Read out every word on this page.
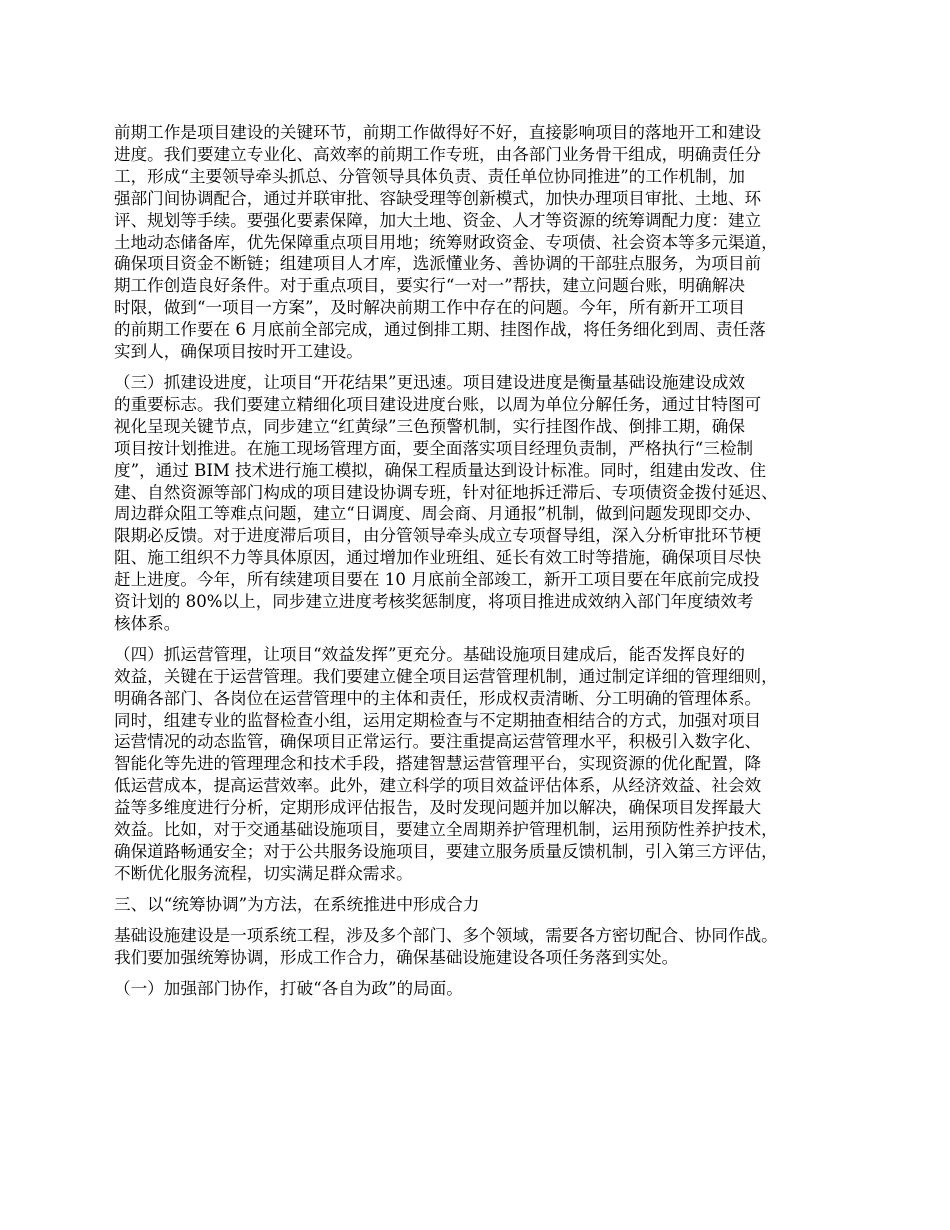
前期工作是项目建设的关键环节，前期工作做得好不好，直接影响项目的落地开工和建设
进度。我们要建立专业化、高效率的前期工作专班，由各部门业务骨干组成，明确责任分
工，形成“主要领导牵头抓总、分管领导具体负责、责任单位协同推进”的工作机制，加
强部门间协调配合，通过并联审批、容缺受理等创新模式，加快办理项目审批、土地、环
评、规划等手续。要强化要素保障，加大土地、资金、人才等资源的统筹调配力度：建立
土地动态储备库，优先保障重点项目用地；统筹财政资金、专项债、社会资本等多元渠道，
确保项目资金不断链；组建项目人才库，选派懂业务、善协调的干部驻点服务，为项目前
期工作创造良好条件。对于重点项目，要实行“一对一”帮扶，建立问题台账，明确解决
时限，做到“一项目一方案”，及时解决前期工作中存在的问题。今年，所有新开工项目
的前期工作要在 6 月底前全部完成，通过倒排工期、挂图作战，将任务细化到周、责任落
实到人，确保项目按时开工建设。
（三）抓建设进度，让项目“开花结果”更迅速。项目建设进度是衡量基础设施建设成效
的重要标志。我们要建立精细化项目建设进度台账，以周为单位分解任务，通过甘特图可
视化呈现关键节点，同步建立“红黄绿”三色预警机制，实行挂图作战、倒排工期，确保
项目按计划推进。在施工现场管理方面，要全面落实项目经理负责制，严格执行“三检制
度”，通过 BIM 技术进行施工模拟，确保工程质量达到设计标准。同时，组建由发改、住
建、自然资源等部门构成的项目建设协调专班，针对征地拆迁滞后、专项债资金拨付延迟、
周边群众阻工等难点问题，建立“日调度、周会商、月通报”机制，做到问题发现即交办、
限期必反馈。对于进度滞后项目，由分管领导牵头成立专项督导组，深入分析审批环节梗
阻、施工组织不力等具体原因，通过增加作业班组、延长有效工时等措施，确保项目尽快
赶上进度。今年，所有续建项目要在 10 月底前全部竣工，新开工项目要在年底前完成投
资计划的 80%以上，同步建立进度考核奖惩制度，将项目推进成效纳入部门年度绩效考
核体系。
（四）抓运营管理，让项目“效益发挥”更充分。基础设施项目建成后，能否发挥良好的
效益，关键在于运营管理。我们要建立健全项目运营管理机制，通过制定详细的管理细则，
明确各部门、各岗位在运营管理中的主体和责任，形成权责清晰、分工明确的管理体系。
同时，组建专业的监督检查小组，运用定期检查与不定期抽查相结合的方式，加强对项目
运营情况的动态监管，确保项目正常运行。要注重提高运营管理水平，积极引入数字化、
智能化等先进的管理理念和技术手段，搭建智慧运营管理平台，实现资源的优化配置，降
低运营成本，提高运营效率。此外，建立科学的项目效益评估体系，从经济效益、社会效
益等多维度进行分析，定期形成评估报告，及时发现问题并加以解决，确保项目发挥最大
效益。比如，对于交通基础设施项目，要建立全周期养护管理机制，运用预防性养护技术，
确保道路畅通安全；对于公共服务设施项目，要建立服务质量反馈机制，引入第三方评估，
不断优化服务流程，切实满足群众需求。
三、以“统筹协调”为方法，在系统推进中形成合力
基础设施建设是一项系统工程，涉及多个部门、多个领域，需要各方密切配合、协同作战。
我们要加强统筹协调，形成工作合力，确保基础设施建设各项任务落到实处。
（一）加强部门协作，打破“各自为政”的局面。
